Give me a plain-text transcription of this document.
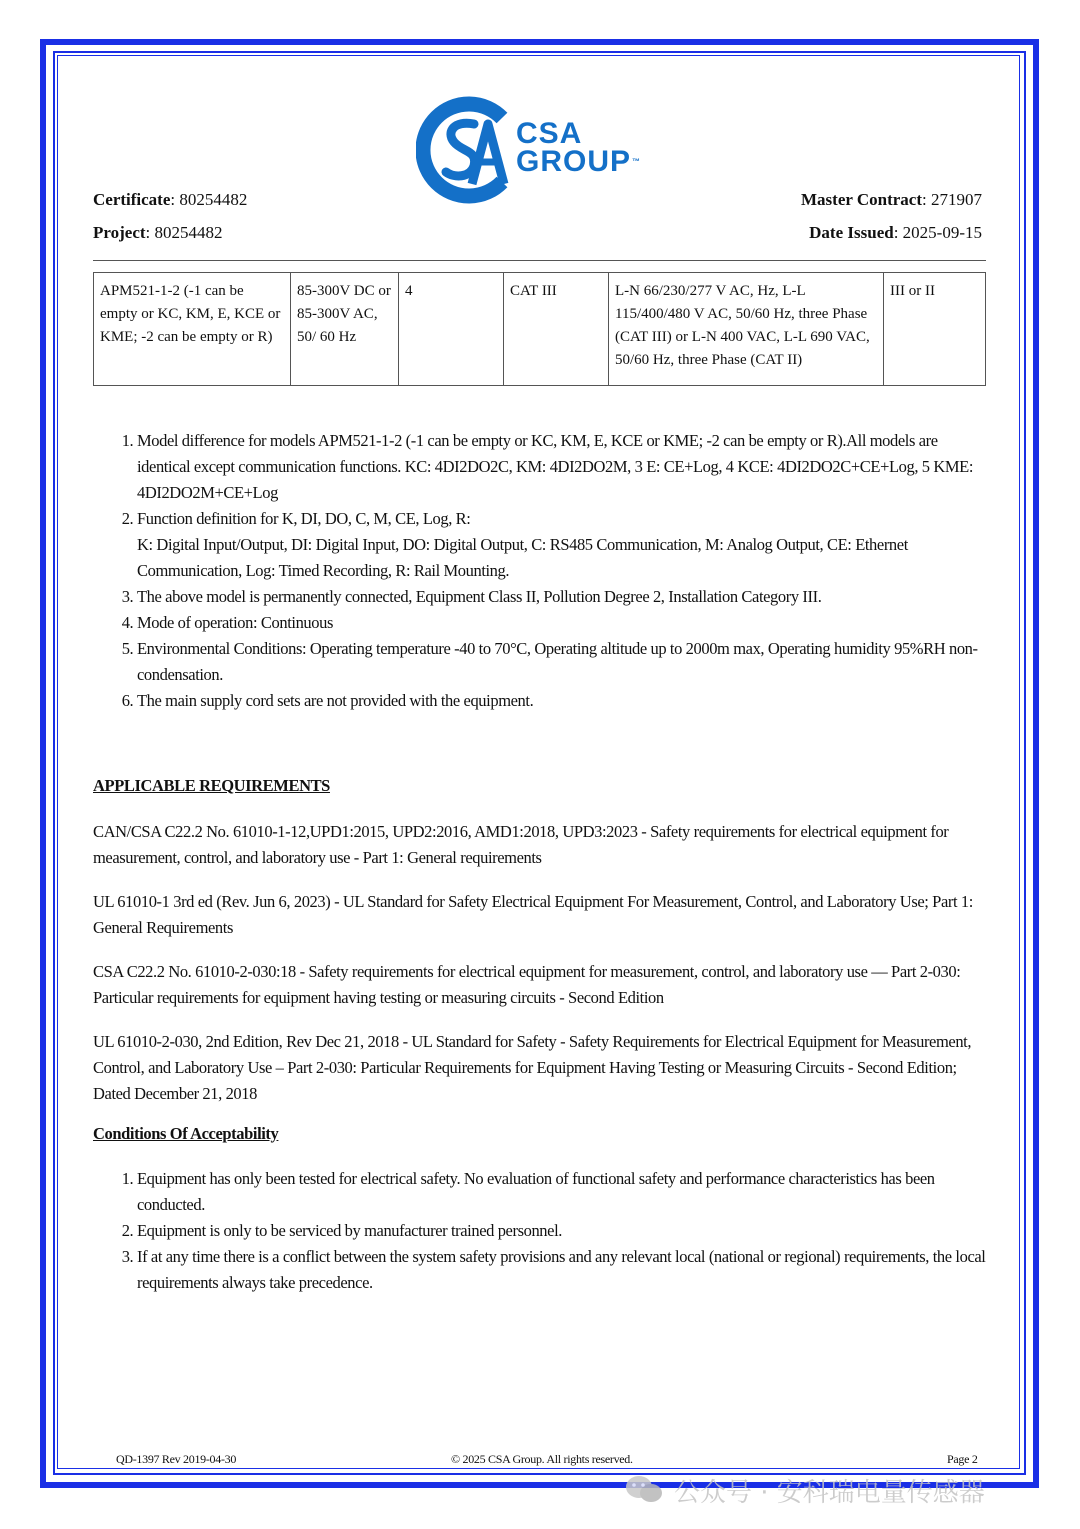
CSA
GROUP™
Certificate: 80254482
Project: 80254482
Master Contract: 271907
Date Issued: 2025-09-15
APM521-1-2 (-1 can be empty or KC, KM, E, KCE or KME; -2 can be empty or R)	85-300V DC or 85-300V AC, 50/ 60 Hz	4	CAT III	L-N 66/230/277 V AC, Hz, L-L 115/400/480 V AC, 50/60 Hz, three Phase (CAT III) or L-N 400 VAC, L-L 690 VAC, 50/60 Hz, three Phase (CAT II)	III or II
1. Model difference for models APM521-1-2 (-1 can be empty or KC, KM, E, KCE or KME; -2 can be empty or R).All models are identical except communication functions. KC: 4DI2DO2C, KM: 4DI2DO2M, 3 E: CE+Log, 4 KCE: 4DI2DO2C+CE+Log, 5 KME: 4DI2DO2M+CE+Log
2. Function definition for K, DI, DO, C, M, CE, Log, R:
K: Digital Input/Output, DI: Digital Input, DO: Digital Output, C: RS485 Communication, M: Analog Output, CE: Ethernet Communication, Log: Timed Recording, R: Rail Mounting.
3. The above model is permanently connected, Equipment Class II, Pollution Degree 2, Installation Category III.
4. Mode of operation: Continuous
5. Environmental Conditions: Operating temperature -40 to 70°C, Operating altitude up to 2000m max, Operating humidity 95%RH non-condensation.
6. The main supply cord sets are not provided with the equipment.
APPLICABLE REQUIREMENTS

CAN/CSA C22.2 No. 61010-1-12,UPD1:2015, UPD2:2016, AMD1:2018, UPD3:2023 - Safety requirements for electrical equipment for measurement, control, and laboratory use - Part 1: General requirements

UL 61010-1 3rd ed (Rev. Jun 6, 2023) - UL Standard for Safety Electrical Equipment For Measurement, Control, and Laboratory Use; Part 1: General Requirements

CSA C22.2 No. 61010-2-030:18 - Safety requirements for electrical equipment for measurement, control, and laboratory use — Part 2-030: Particular requirements for equipment having testing or measuring circuits - Second Edition

UL 61010-2-030, 2nd Edition, Rev Dec 21, 2018 - UL Standard for Safety - Safety Requirements for Electrical Equipment for Measurement, Control, and Laboratory Use – Part 2-030: Particular Requirements for Equipment Having Testing or Measuring Circuits - Second Edition; Dated December 21, 2018

Conditions Of Acceptability
1. Equipment has only been tested for electrical safety. No evaluation of functional safety and performance characteristics has been conducted.
2. Equipment is only to be serviced by manufacturer trained personnel.
3. If at any time there is a conflict between the system safety provisions and any relevant local (national or regional) requirements, the local requirements always take precedence.
QD-1397 Rev 2019-04-30	© 2025 CSA Group. All rights reserved.	Page 2
公众号 · 安科瑞电量传感器
